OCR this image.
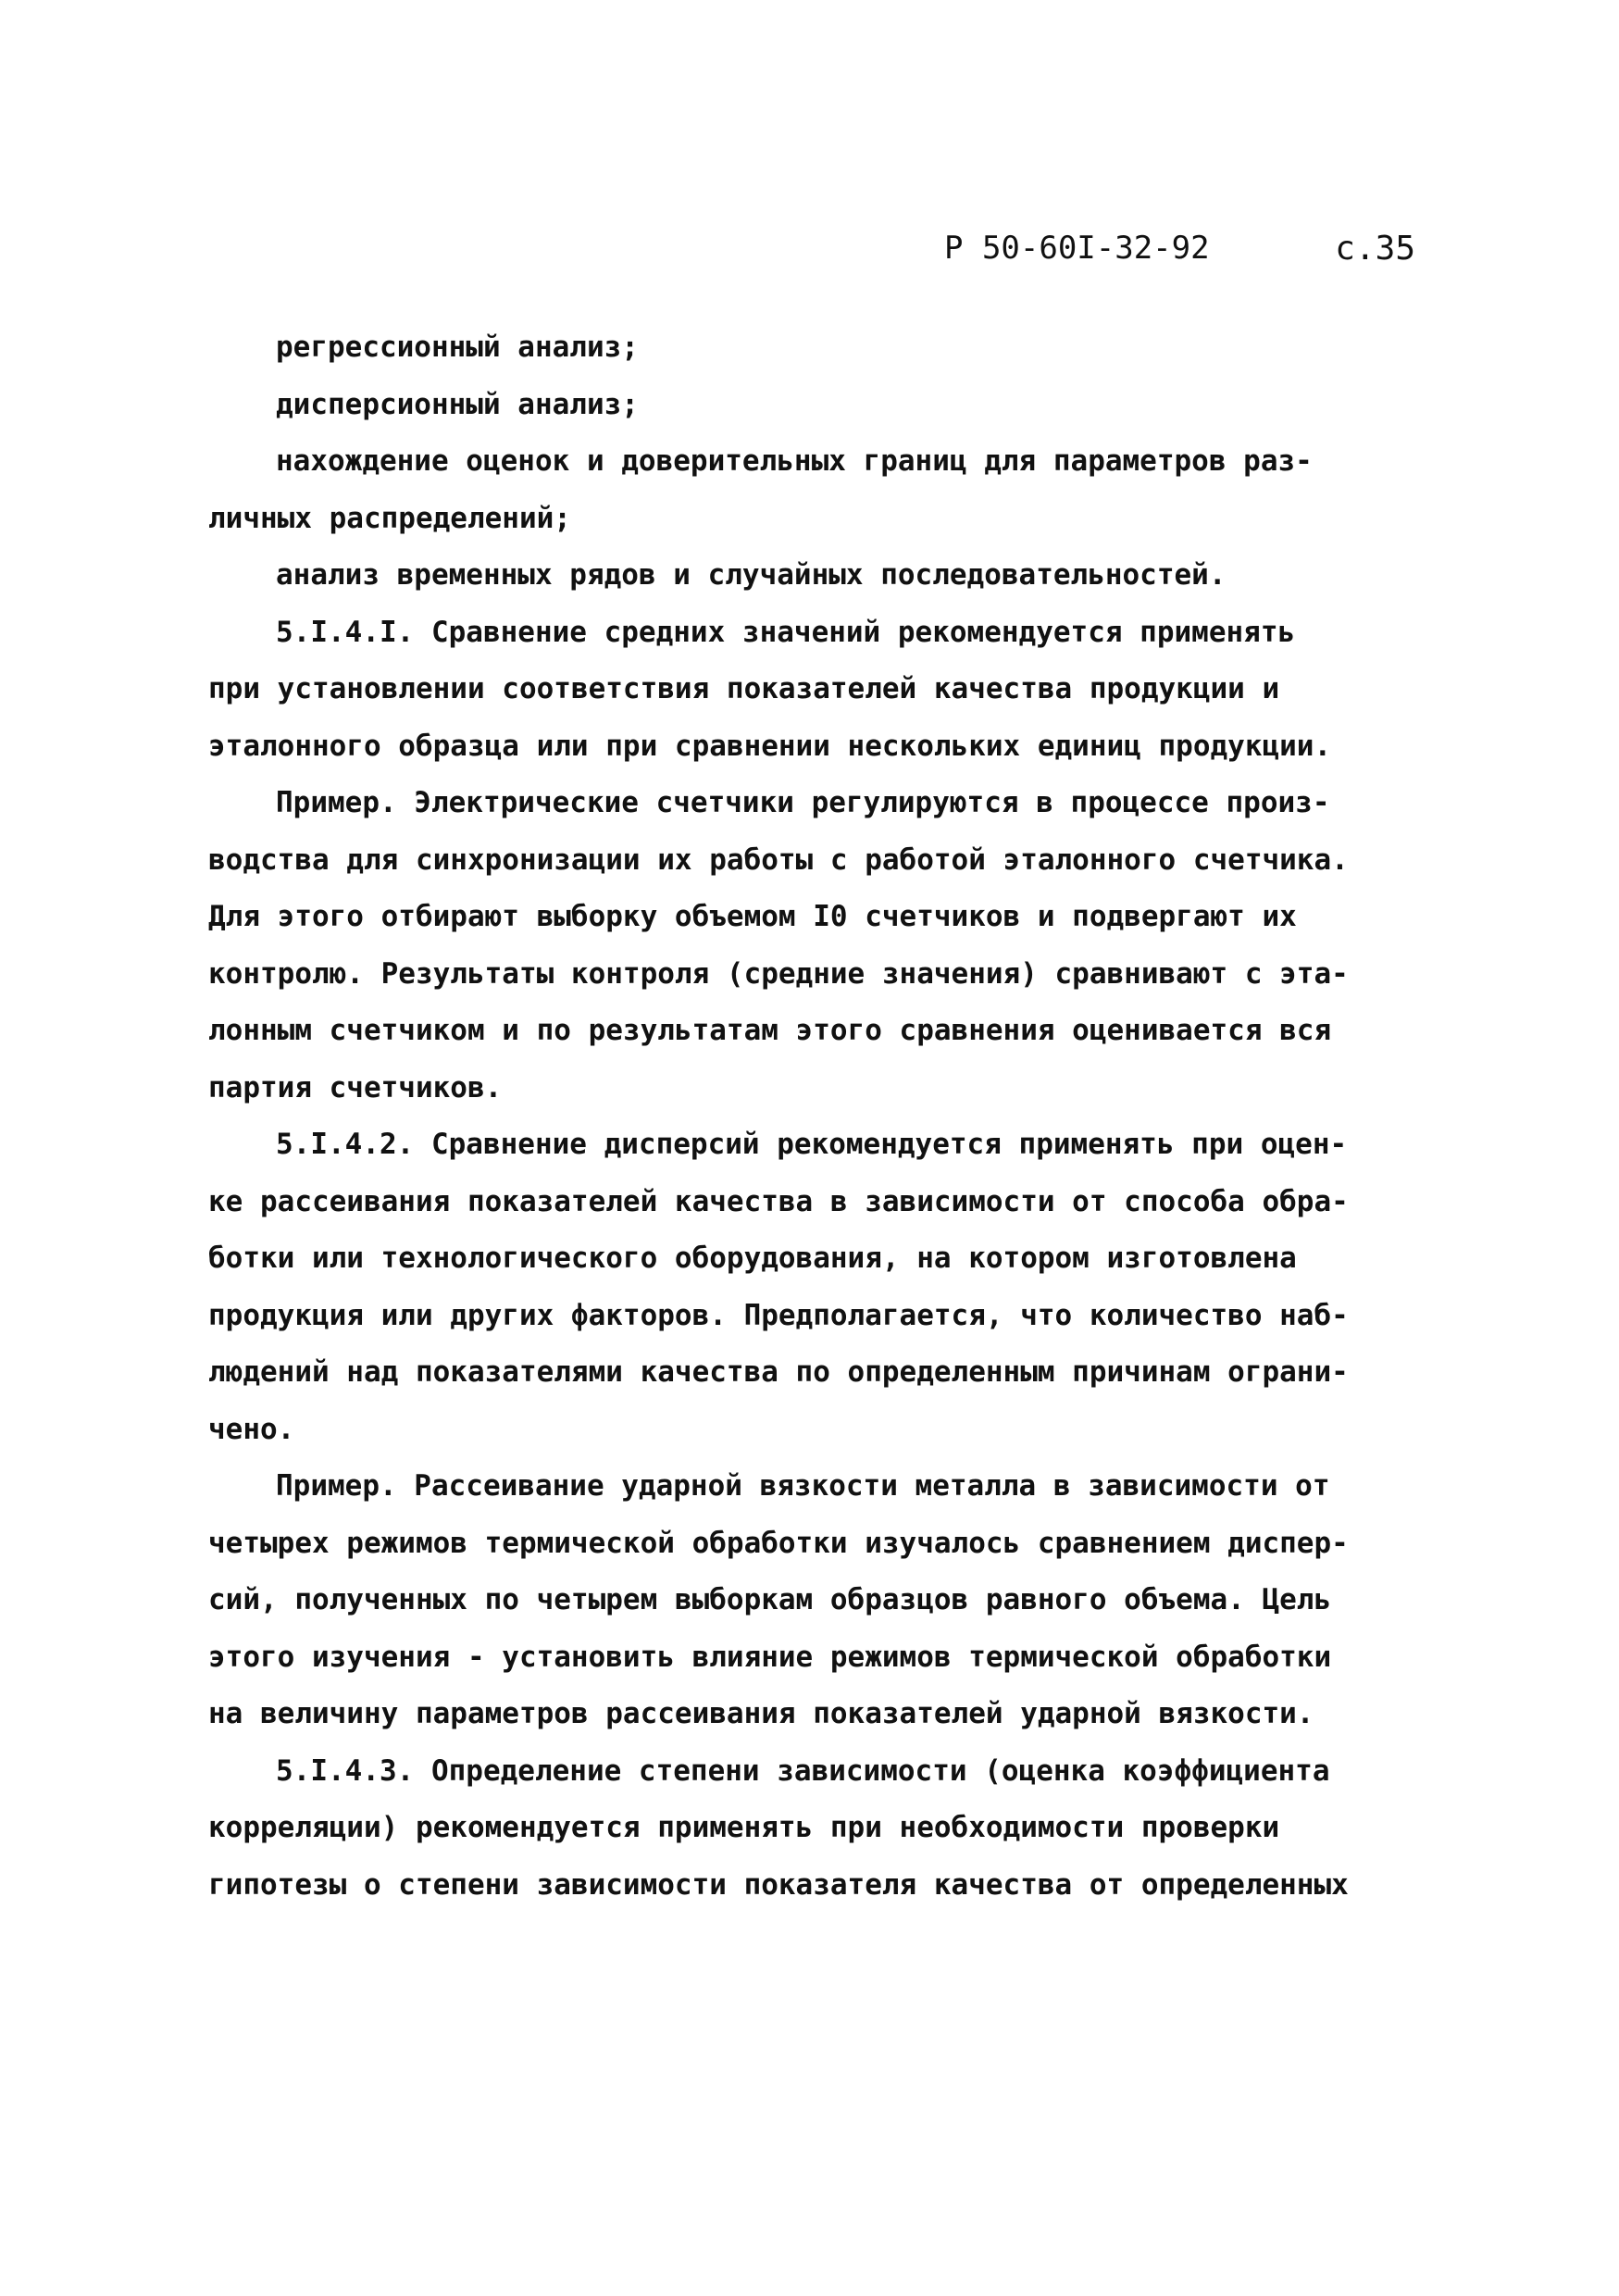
Р 50-60I-32-92	с.35
регрессионный анализ;
дисперсионный анализ;
нахождение оценок и доверительных границ для параметров раз-
личных распределений;
анализ временных рядов и случайных последовательностей.
5.I.4.I. Сравнение средних значений рекомендуется применять
при установлении соответствия показателей качества продукции и
эталонного образца или при сравнении нескольких единиц продукции.
Пример. Электрические счетчики регулируются в процессе произ-
водства для синхронизации их работы с работой эталонного счетчика.
Для этого отбирают выборку объемом I0 счетчиков и подвергают их
контролю. Результаты контроля (средние значения) сравнивают с эта-
лонным счетчиком и по результатам этого сравнения оценивается вся
партия счетчиков.
5.I.4.2. Сравнение дисперсий рекомендуется применять при оцен-
ке рассеивания показателей качества в зависимости от способа обра-
ботки или технологического оборудования, на котором изготовлена
продукция или других факторов. Предполагается, что количество наб-
людений над показателями качества по определенным причинам ограни-
чено.
Пример. Рассеивание ударной вязкости металла в зависимости от
четырех режимов термической обработки изучалось сравнением диспер-
сий, полученных по четырем выборкам образцов равного объема. Цель
этого изучения - установить влияние режимов термической обработки
на величину параметров рассеивания показателей ударной вязкости.
5.I.4.3. Определение степени зависимости (оценка коэффициента
корреляции) рекомендуется применять при необходимости проверки
гипотезы о степени зависимости показателя качества от определенных
